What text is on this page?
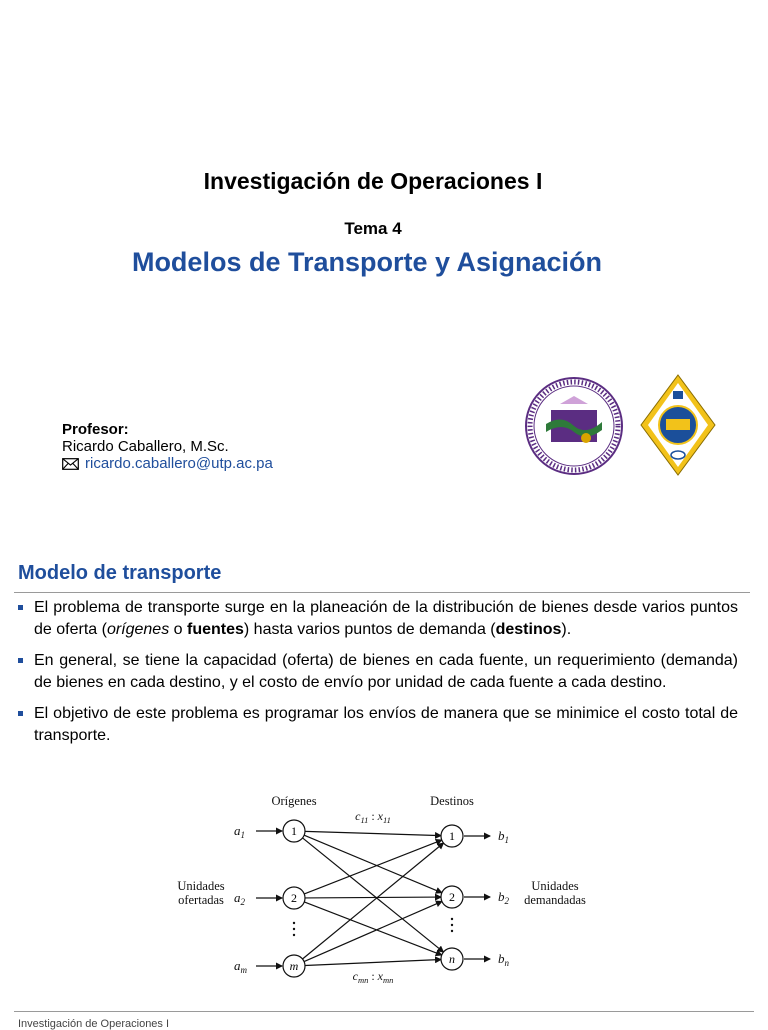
Investigación de Operaciones I
Tema 4
Modelos de Transporte y Asignación
Profesor:
Ricardo Caballero, M.Sc.
ricardo.caballero@utp.ac.pa
Modelo de transporte
El problema de transporte surge en la planeación de la distribución de bienes desde varios puntos de oferta (orígenes o fuentes) hasta varios puntos de demanda (destinos).
En general, se tiene la capacidad (oferta) de bienes en cada fuente, un requerimiento (demanda) de bienes en cada destino, y el costo de envío por unidad de cada fuente a cada destino.
El objetivo de este problema es programar los envíos de manera que se minimice el costo total de transporte.
1
2
m
1
2
n
$a_1$
$a_2$
$a_m$
$b_1$
$b_2$
$b_n$
Orígenes	Destinos
Unidades
ofertadas
Unidades
demandadas
$c_{11}$ : $x_{11}$
$c_{mn}$ : $x_{mn}$
Investigación de Operaciones I
